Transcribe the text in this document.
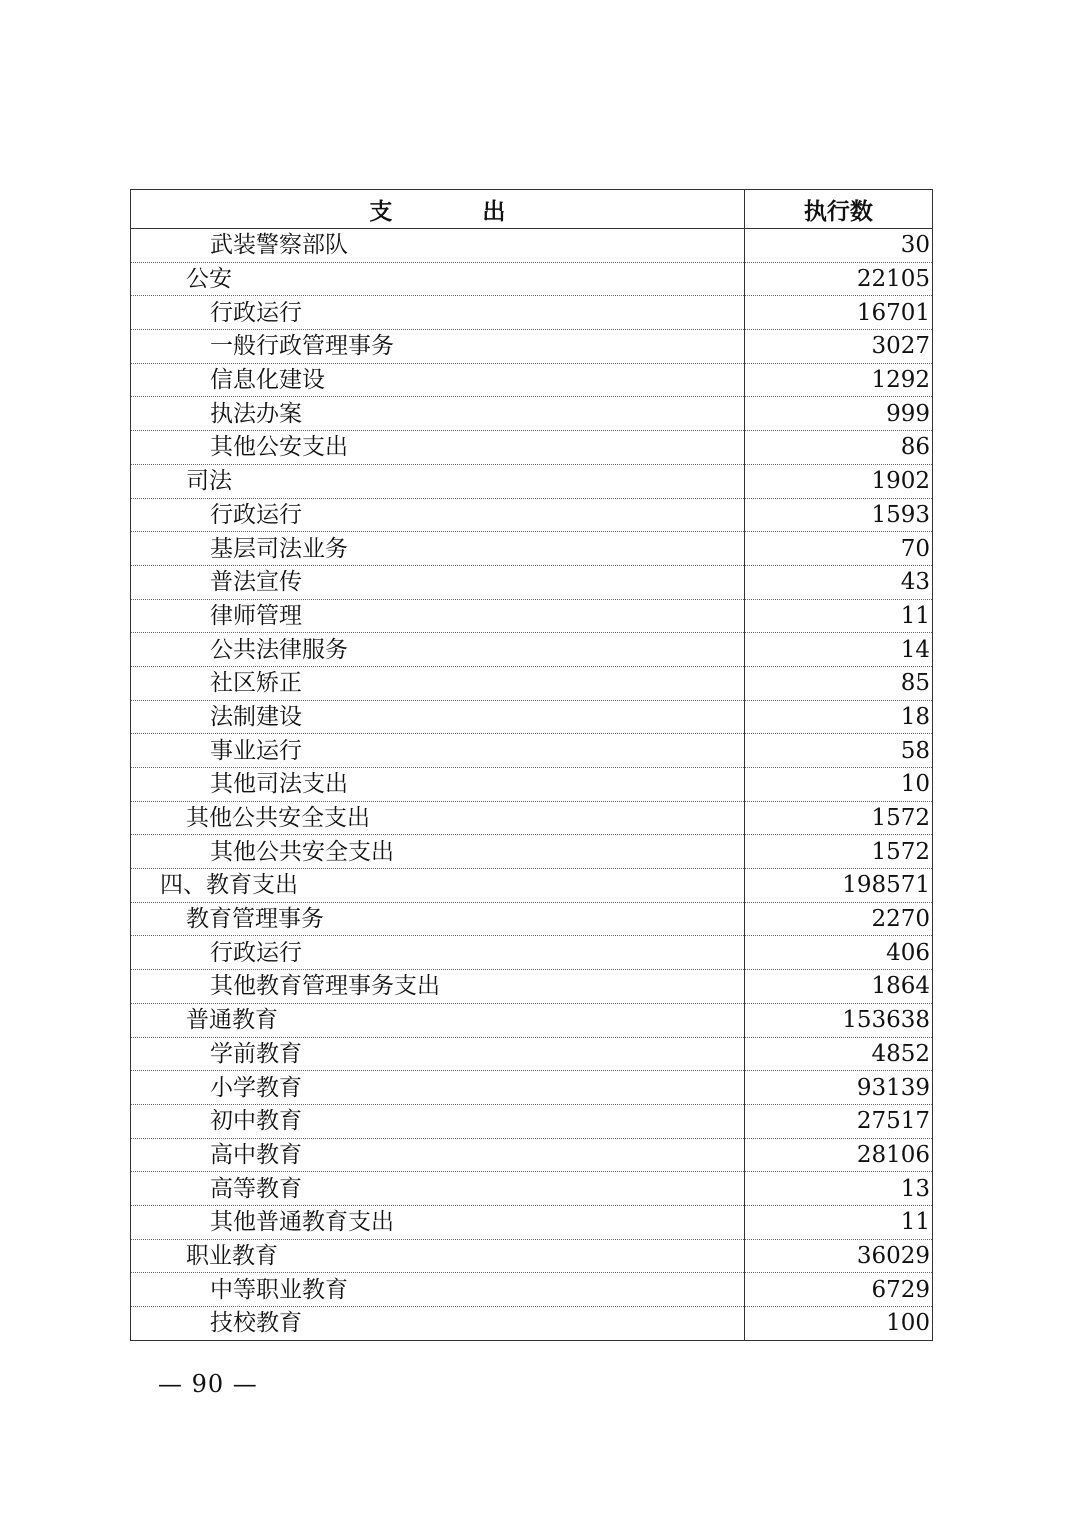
支 出	执行数

武装警察部队	30

公安	22105

行政运行	16701

一般行政管理事务	3027

信息化建设	1292

执法办案	999

其他公安支出	86

司法	1902

行政运行	1593

基层司法业务	70

普法宣传	43

律师管理	11

公共法律服务	14

社区矫正	85

法制建设	18

事业运行	58

其他司法支出	10

其他公共安全支出	1572

其他公共安全支出	1572

四、教育支出	198571

教育管理事务	2270

行政运行	406

其他教育管理事务支出	1864

普通教育	153638

学前教育	4852

小学教育	93139

初中教育	27517

高中教育	28106

高等教育	13

其他普通教育支出	11

职业教育	36029

中等职业教育	6729

技校教育	100
— 90 —
